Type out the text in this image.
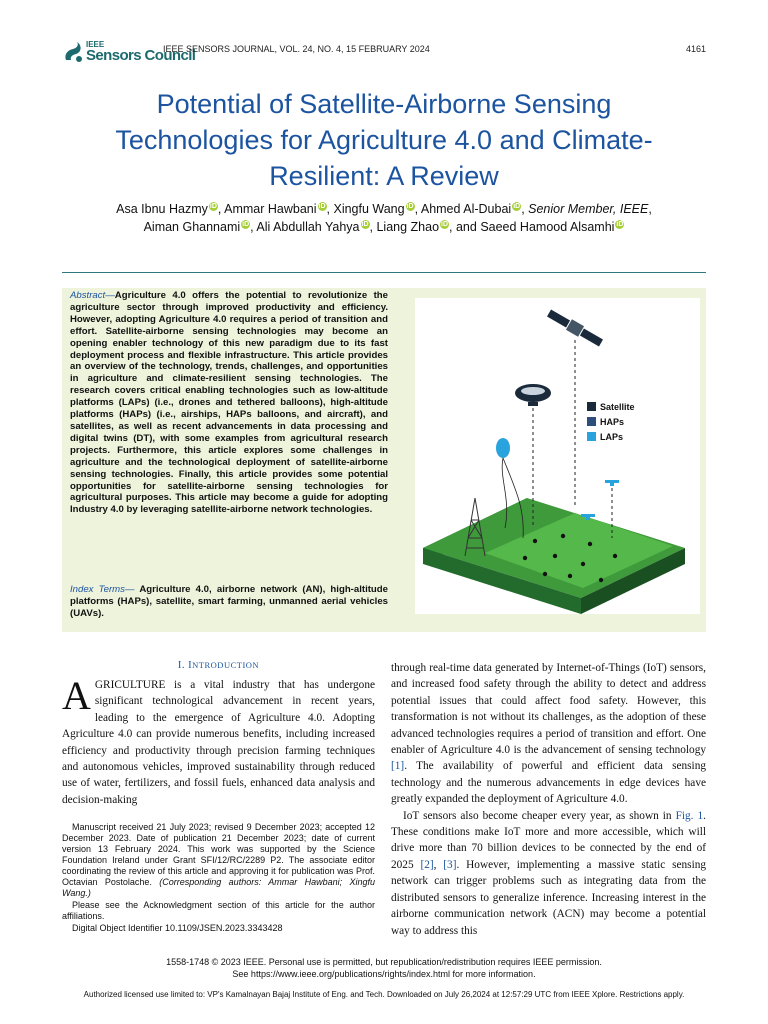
IEEE
Sensors Council
IEEE SENSORS JOURNAL, VOL. 24, NO. 4, 15 FEBRUARY 2024	4161
Potential of Satellite-Airborne Sensing Technologies for Agriculture 4.0 and Climate-Resilient: A Review
Asa Ibnu Hazmy iD, Ammar Hawbani iD, Xingfu Wang iD, Ahmed Al-Dubai iD, Senior Member, IEEE,
Aiman Ghannami iD, Ali Abdullah Yahya iD, Liang Zhao iD, and Saeed Hamood Alsamhi iD
Abstract—Agriculture 4.0 offers the potential to revolutionize the agriculture sector through improved productivity and efficiency. However, adopting Agriculture 4.0 requires a period of transition and effort. Satellite-airborne sensing technologies may become an opening enabler technology of this new paradigm due to its fast deployment process and flexible infrastructure. This article provides an overview of the technology, trends, challenges, and opportunities in agriculture and climate-resilient sensing technologies. The research covers critical enabling technologies such as low-altitude platforms (LAPs) (i.e., drones and tethered balloons), high-altitude platforms (HAPs) (i.e., airships, HAPs balloons, and aircraft), and satellites, as well as recent advancements in data processing and digital twins (DT), with some examples from agricultural research projects. Furthermore, this article explores some challenges in agriculture and the technological deployment of satellite-airborne sensing technologies. Finally, this article provides some potential opportunities for satellite-airborne sensing technologies for agricultural purposes. This article may become a guide for adopting Industry 4.0 by leveraging satellite-airborne network technologies.
Index Terms— Agriculture 4.0, airborne network (AN), high-altitude platforms (HAPs), satellite, smart farming, unmanned aerial vehicles (UAVs).
Satellite
HAPs
LAPs
I. INTRODUCTION
AGRICULTURE is a vital industry that has undergone significant technological advancement in recent years, leading to the emergence of Agriculture 4.0. Adopting Agriculture 4.0 can provide numerous benefits, including increased efficiency and productivity through precision farming techniques and autonomous vehicles, improved sustainability through reduced use of water, fertilizers, and fossil fuels, enhanced data analysis and decision-making

Manuscript received 21 July 2023; revised 9 December 2023; accepted 12 December 2023. Date of publication 21 December 2023; date of current version 13 February 2024. This work was supported by the Science Foundation Ireland under Grant SFI/12/RC/2289 P2. The associate editor coordinating the review of this article and approving it for publication was Prof. Octavian Postolache. (Corresponding authors: Ammar Hawbani; Xingfu Wang.)

Please see the Acknowledgment section of this article for the author affiliations.

Digital Object Identifier 10.1109/JSEN.2023.3343428

through real-time data generated by Internet-of-Things (IoT) sensors, and increased food safety through the ability to detect and address potential issues that could affect food safety. However, this transformation is not without its challenges, as the adoption of these advanced technologies requires a period of transition and effort. One enabler of Agriculture 4.0 is the advancement of sensing technology [1]. The availability of powerful and efficient data sensing technology and the numerous advancements in edge devices have greatly expanded the deployment of Agriculture 4.0.
IoT sensors also become cheaper every year, as shown in Fig. 1. These conditions make IoT more and more accessible, which will drive more than 70 billion devices to be connected by the end of 2025 [2], [3]. However, implementing a massive static sensing network can trigger problems such as integrating data from the distributed sensors to generalize inference. Increasing interest in the airborne communication network (ACN) may become a potential way to address this
1558-1748 © 2023 IEEE. Personal use is permitted, but republication/redistribution requires IEEE permission.
See https://www.ieee.org/publications/rights/index.html for more information.
Authorized licensed use limited to: VP's Kamalnayan Bajaj Institute of Eng. and Tech. Downloaded on July 26,2024 at 12:57:29 UTC from IEEE Xplore. Restrictions apply.
